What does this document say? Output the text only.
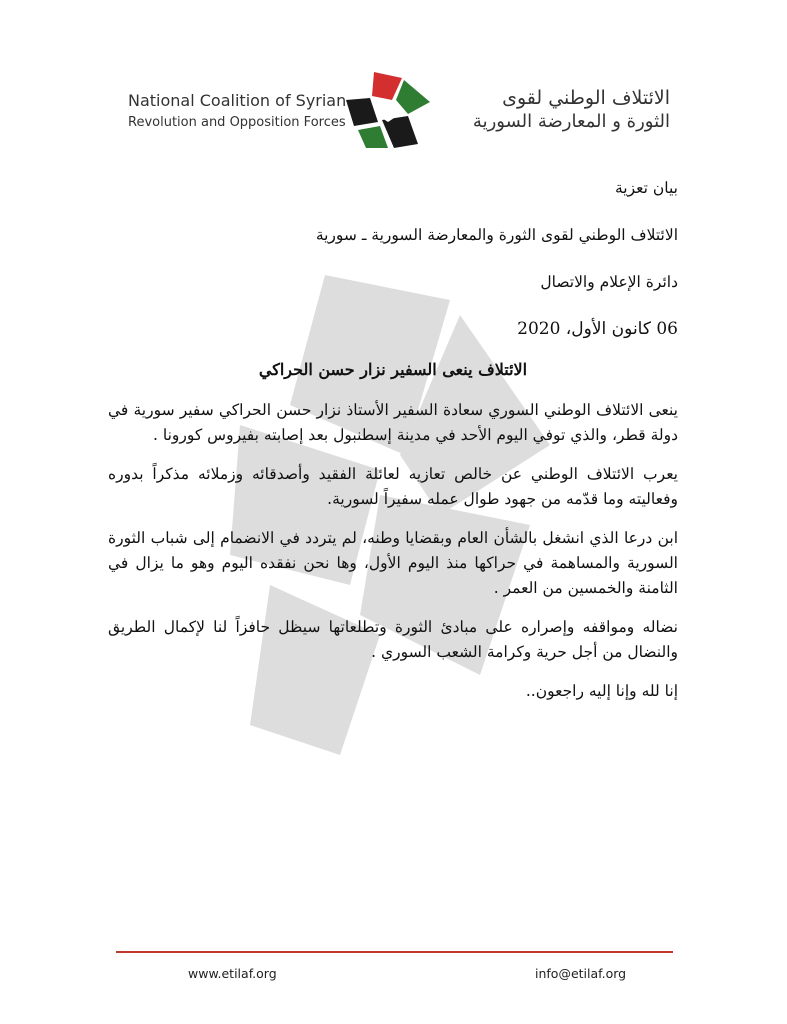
National Coalition of Syrian
Revolution and Opposition Forces
الائتلاف الوطني لقوى
الثورة و المعارضة السورية

بيان تعزية

الائتلاف الوطني لقوى الثورة والمعارضة السورية ـ سورية

دائرة الإعلام والاتصال

06 كانون الأول، 2020

الائتلاف ينعى السفير نزار حسن الحراكي

ينعى الائتلاف الوطني السوري سعادة السفير الأستاذ نزار حسن الحراكي سفير سورية في دولة قطر، والذي توفي اليوم الأحد في مدينة إسطنبول بعد إصابته بفيروس كورونا .

يعرب الائتلاف الوطني عن خالص تعازيه لعائلة الفقيد وأصدقائه وزملائه مذكراً بدوره وفعاليته وما قدّمه من جهود طوال عمله سفيراً لسورية.

ابن درعا الذي انشغل بالشأن العام وبقضايا وطنه، لم يتردد في الانضمام إلى شباب الثورة السورية والمساهمة في حراكها منذ اليوم الأول، وها نحن نفقده اليوم وهو ما يزال في الثامنة والخمسين من العمر .

نضاله ومواقفه وإصراره على مبادئ الثورة وتطلعاتها سيظل حافزاً لنا لإكمال الطريق والنضال من أجل حرية وكرامة الشعب السوري .

إنا لله وإنا إليه راجعون..

www.etilaf.org	info@etilaf.org
